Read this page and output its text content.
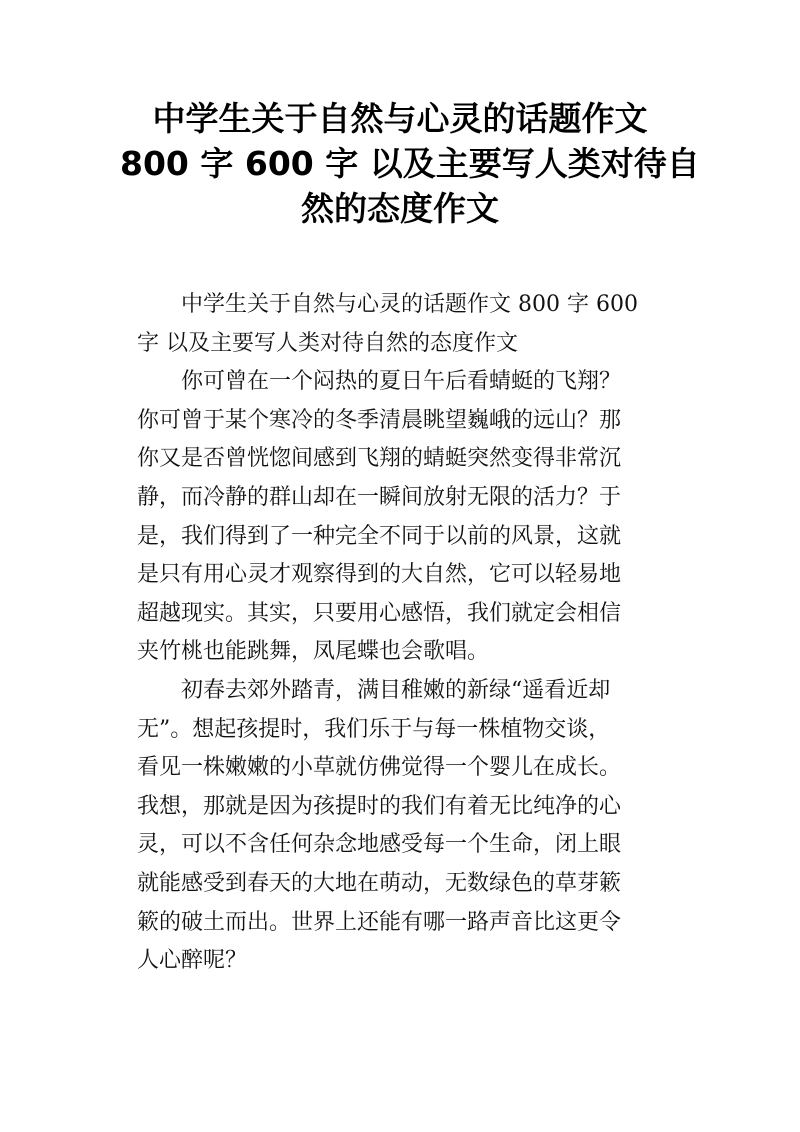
中学生关于自然与心灵的话题作文
800 字 600 字 以及主要写人类对待自
然的态度作文

中学生关于自然与心灵的话题作文 800 字 600
字 以及主要写人类对待自然的态度作文

你可曾在一个闷热的夏日午后看蜻蜓的飞翔？
你可曾于某个寒冷的冬季清晨眺望巍峨的远山？那
你又是否曾恍惚间感到飞翔的蜻蜓突然变得非常沉
静，而冷静的群山却在一瞬间放射无限的活力？于
是，我们得到了一种完全不同于以前的风景，这就
是只有用心灵才观察得到的大自然，它可以轻易地
超越现实。其实，只要用心感悟，我们就定会相信
夹竹桃也能跳舞，凤尾蝶也会歌唱。

初春去郊外踏青，满目稚嫩的新绿“遥看近却
无”。想起孩提时，我们乐于与每一株植物交谈，
看见一株嫩嫩的小草就仿佛觉得一个婴儿在成长。
我想，那就是因为孩提时的我们有着无比纯净的心
灵，可以不含任何杂念地感受每一个生命，闭上眼
就能感受到春天的大地在萌动，无数绿色的草芽簌
簌的破土而出。世界上还能有哪一路声音比这更令
人心醉呢？
